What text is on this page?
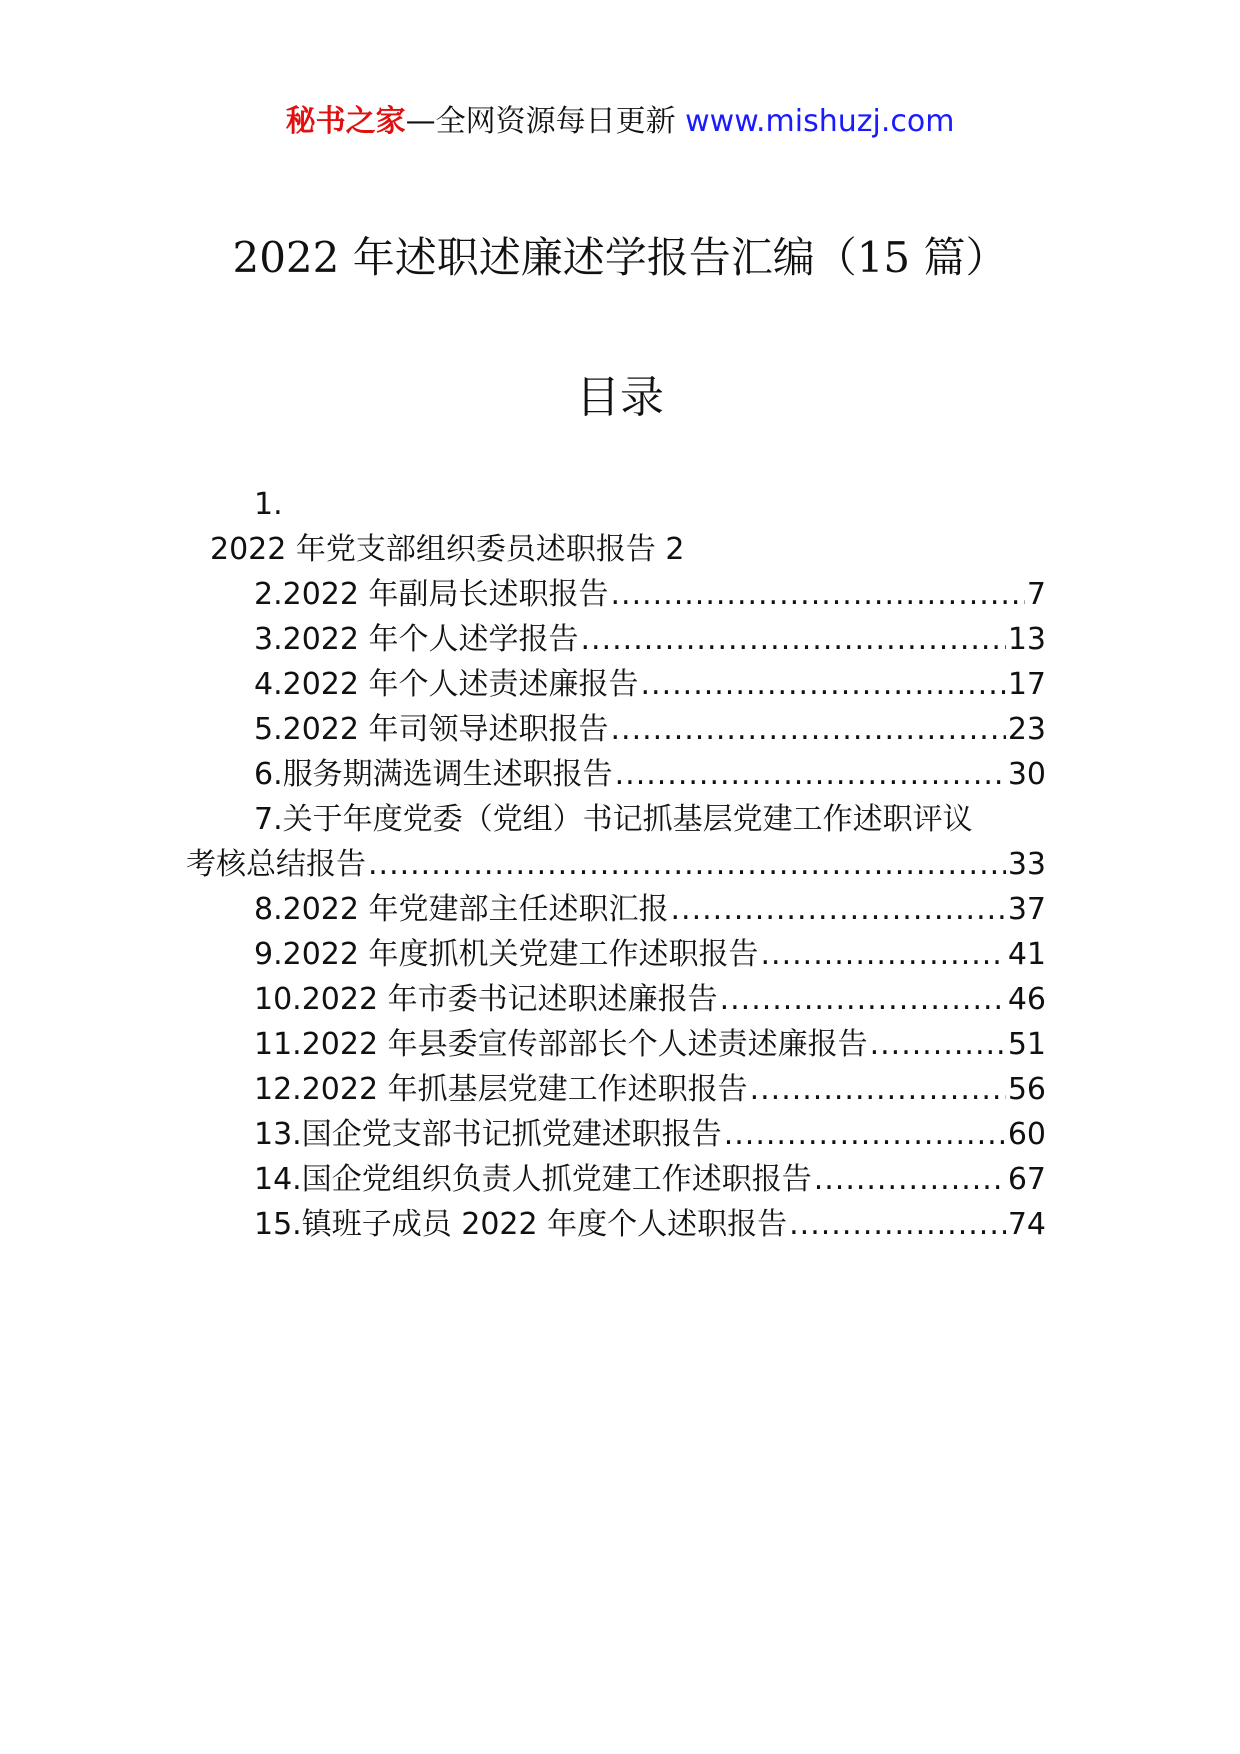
秘书之家—全网资源每日更新 www.mishuzj.com
2022 年述职述廉述学报告汇编（15 篇）
目录
1.
2022 年党支部组织委员述职报告 2
2.2022 年副局长述职报告 .....	7
3.2022 年个人述学报告 .....	13
4.2022 年个人述责述廉报告 .....	17
5.2022 年司领导述职报告 .....	23
6.服务期满选调生述职报告 .....	30
7.关于年度党委（党组）书记抓基层党建工作述职评议
考核总结报告 .....	33
8.2022 年党建部主任述职汇报 .....	37
9.2022 年度抓机关党建工作述职报告 .....	41
10.2022 年市委书记述职述廉报告 .....	46
11.2022 年县委宣传部部长个人述责述廉报告 .....	51
12.2022 年抓基层党建工作述职报告 .....	56
13.国企党支部书记抓党建述职报告 .....	60
14.国企党组织负责人抓党建工作述职报告 .....	67
15.镇班子成员 2022 年度个人述职报告 .....	74
